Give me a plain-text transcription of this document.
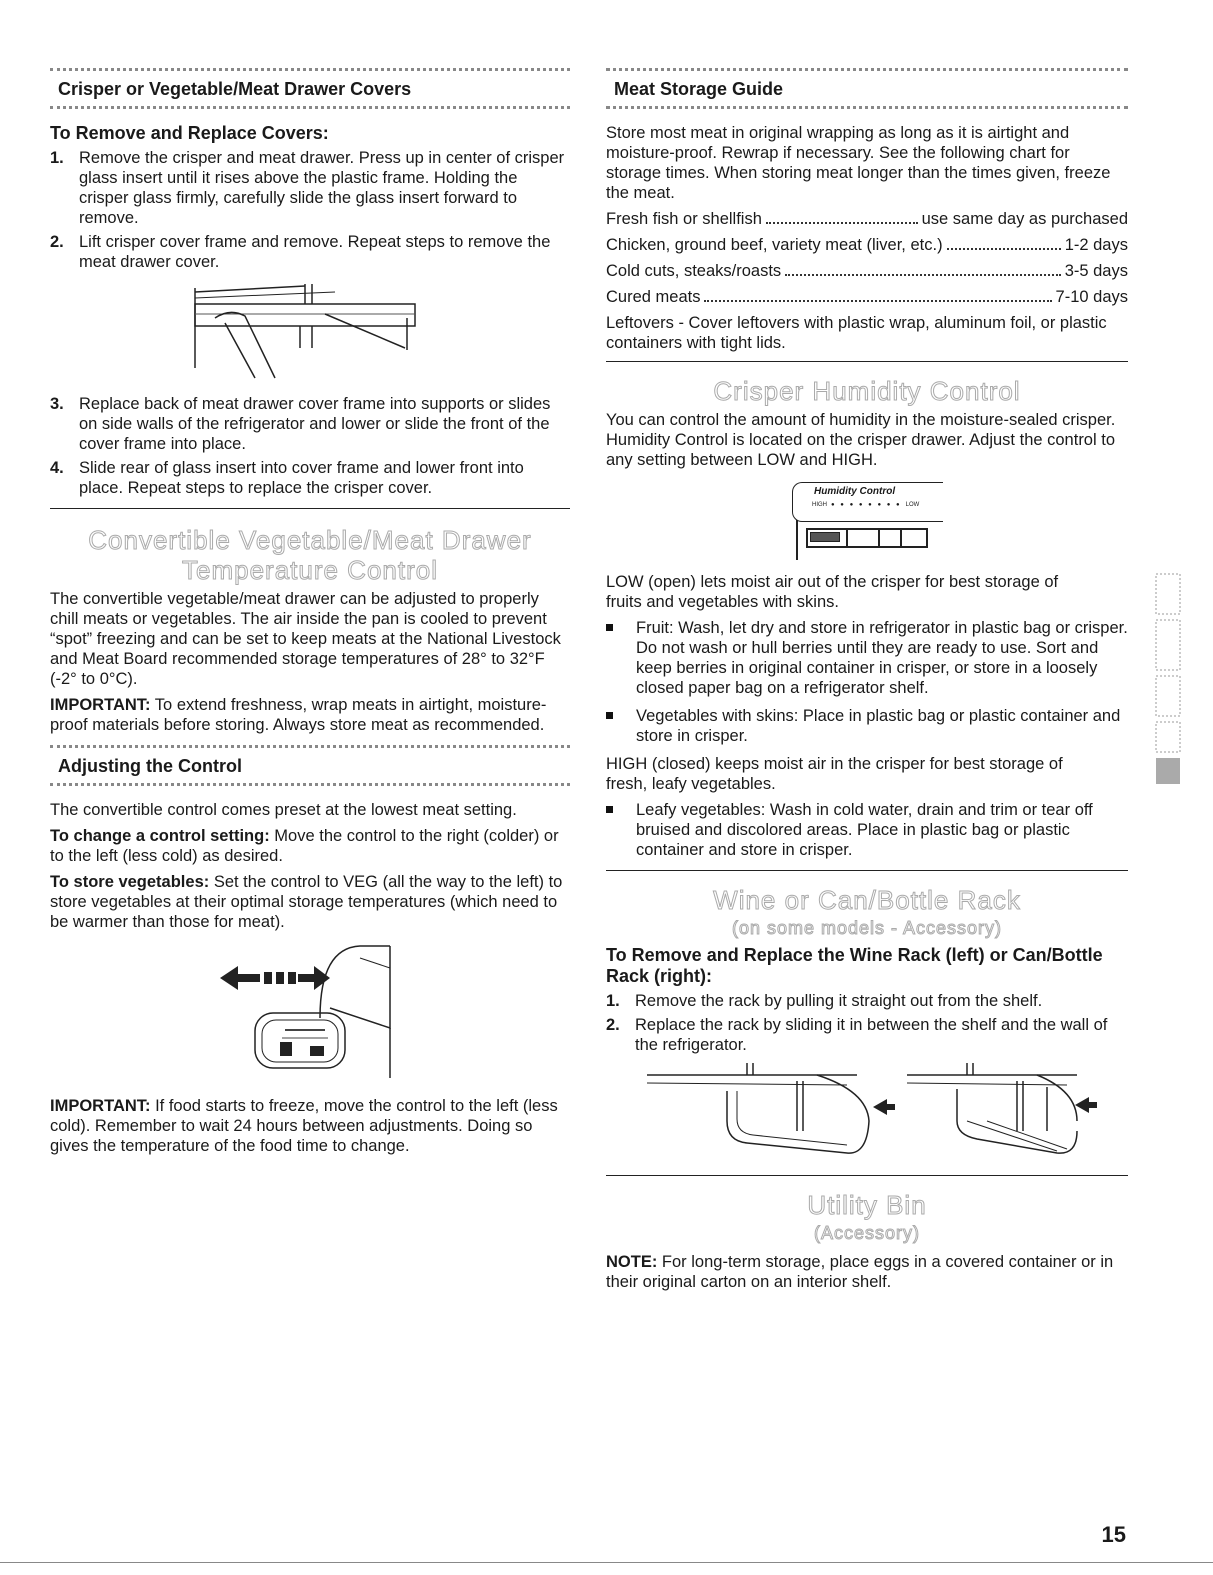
Crisper or Vegetable/Meat Drawer Covers
To Remove and Replace Covers:
1. Remove the crisper and meat drawer. Press up in center of crisper glass insert until it rises above the plastic frame. Holding the crisper glass firmly, carefully slide the glass insert forward to remove.
2. Lift crisper cover frame and remove. Repeat steps to remove the meat drawer cover.
3. Replace back of meat drawer cover frame into supports or slides on side walls of the refrigerator and lower or slide the front of the cover frame into place.
4. Slide rear of glass insert into cover frame and lower front into place. Repeat steps to replace the crisper cover.

Convertible Vegetable/Meat Drawer

Temperature Control

The convertible vegetable/meat drawer can be adjusted to properly chill meats or vegetables. The air inside the pan is cooled to prevent “spot” freezing and can be set to keep meats at the National Livestock and Meat Board recommended storage temperatures of 28° to 32°F (-2° to 0°C).

IMPORTANT: To extend freshness, wrap meats in airtight, moisture-proof materials before storing. Always store meat as recommended.

Adjusting the Control

The convertible control comes preset at the lowest meat setting.

To change a control setting: Move the control to the right (colder) or to the left (less cold) as desired.

To store vegetables: Set the control to VEG (all the way to the left) to store vegetables at their optimal storage temperatures (which need to be warmer than those for meat).

IMPORTANT: If food starts to freeze, move the control to the left (less cold). Remember to wait 24 hours between adjustments. Doing so gives the temperature of the food time to change.

Meat Storage Guide

Store most meat in original wrapping as long as it is airtight and moisture-proof. Rewrap if necessary. See the following chart for storage times. When storing meat longer than the times given, freeze the meat.

Fresh fish or shellfish	use same day as purchased
Chicken, ground beef, variety meat (liver, etc.)	1-2 days
Cold cuts, steaks/roasts	3-5 days
Cured meats	7-10 days

Leftovers - Cover leftovers with plastic wrap, aluminum foil, or plastic containers with tight lids.

Crisper Humidity Control

You can control the amount of humidity in the moisture-sealed crisper. Humidity Control is located on the crisper drawer. Adjust the control to any setting between LOW and HIGH.

Humidity Control
HIGH ● ● ● ● ● ● ● ● LOW

LOW (open) lets moist air out of the crisper for best storage of fruits and vegetables with skins.

Fruit: Wash, let dry and store in refrigerator in plastic bag or crisper. Do not wash or hull berries until they are ready to use. Sort and keep berries in original container in crisper, or store in a loosely closed paper bag on a refrigerator shelf.
Vegetables with skins: Place in plastic bag or plastic container and store in crisper.

HIGH (closed) keeps moist air in the crisper for best storage of fresh, leafy vegetables.

Leafy vegetables: Wash in cold water, drain and trim or tear off bruised and discolored areas. Place in plastic bag or plastic container and store in crisper.

Wine or Can/Bottle Rack

(on some models - Accessory)

To Remove and Replace the Wine Rack (left) or Can/Bottle Rack (right):
1. Remove the rack by pulling it straight out from the shelf.
2. Replace the rack by sliding it in between the shelf and the wall of the refrigerator.

Utility Bin

(Accessory)

NOTE: For long-term storage, place eggs in a covered container or in their original carton on an interior shelf.

15
